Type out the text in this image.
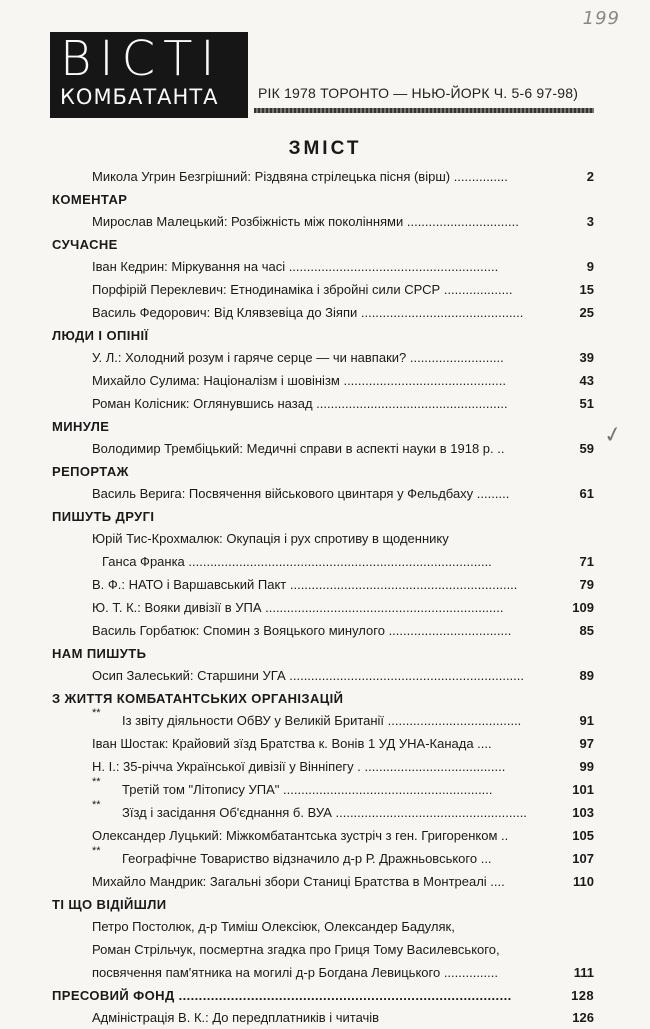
199
ВІСТІ
КОМБАТАНТА	РІК 1978 ТОРОНТО — НЬЮ-ЙОРК Ч. 5-6 97-98)
ЗМІСТ
Микола Угрин Безгрішний: Різдвяна стрілецька пісня (вірш) ...............	2
КОМЕНТАР
Мирослав Малецький: Розбіжність між поколіннями ...............................	3
СУЧАСНЕ
Іван Кедрин: Міркування на часі ..........................................................	9
Порфірій Переклевич: Етнодинаміка і збройні сили СРСР ...................	15
Василь Федорович: Від Клявзевіца до Зіяпи .............................................	25
ЛЮДИ І ОПІНІЇ
У. Л.: Холодний розум і гаряче серце — чи навпаки? ..........................	39
Михайло Сулима: Націоналізм і шовінізм .............................................	43
Роман Колісник: Оглянувшись назад .....................................................	51
МИНУЛЕ
Володимир Трембіцький: Медичні справи в аспекті науки в 1918 р. ..	59
РЕПОРТАЖ
Василь Верига: Посвячення військового цвинтаря у Фельдбаху .........	61
ПИШУТЬ ДРУГІ
Юрій Тис-Крохмалюк: Окупація і рух спротиву в щоденнику
Ганса Франка ....................................................................................	71
В. Ф.: НАТО і Варшавський Пакт ...............................................................	79
Ю. Т. К.: Вояки дивізії в УПА ..................................................................	109
Василь Горбатюк: Спомин з Вояцького минулого ..................................	85
НАМ ПИШУТЬ
Осип Залеський: Старшини УГА .................................................................	89
З ЖИТТЯ КОМБАТАНТСЬКИХ ОРГАНІЗАЦІЙ
**	Із звіту діяльности ОбВУ у Великій Британії .....................................	91
Іван Шостак: Крайовий зїзд Братства к. Вонів 1 УД УНА-Канада ....	97
Н. І.: 35-річча Української дивізії у Вінніпегу . .......................................	99
**	Третій том "Літопису УПА" ..........................................................	101
**	Зїзд і засідання Об'єднання б. ВУА .....................................................	103
Олександер Луцький: Міжкомбатантська зустріч з ген. Григоренком ..	105
**	Географічне Товариство відзначило д-р Р. Дражньовського ...	107
Михайло Мандрик: Загальні збори Станиці Братства в Монтреалі ....	110
ТІ ЩО ВІДІЙШЛИ
Петро Постолюк, д-р Тиміш Олексіюк, Олександер Бадуляк,
Роман Стрільчук, посмертна згадка про Гриця Тому Василевського,
посвячення пам'ятника на могилі д-р Богдана Левицького ...............	111
ПРЕСОВИЙ ФОНД ...................................................................................	128
Адміністрація В. К.: До передплатників і читачів	126
✓
